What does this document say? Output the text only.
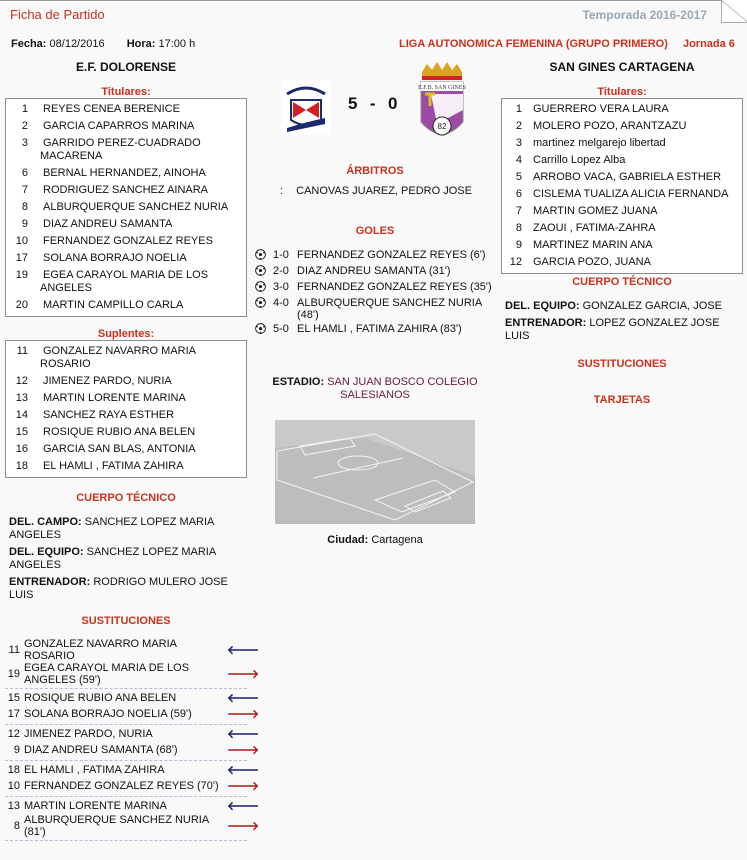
Ficha de Partido	Temporada 2016-2017
Fecha: 08/12/2016 Hora: 17:00 h	LIGA AUTONOMICA FEMENINA (GRUPO PRIMERO) Jornada 6
E.F. DOLORENSE
Titulares:
1	REYES CENEA BERENICE
2	GARCIA CAPARROS MARINA
3	GARRIDO PEREZ-CUADRADO MACARENA
6	BERNAL HERNANDEZ, AINOHA
7	RODRIGUEZ SANCHEZ AINARA
8	ALBURQUERQUE SANCHEZ NURIA
9	DIAZ ANDREU SAMANTA
10	FERNANDEZ GONZALEZ REYES
17	SOLANA BORRAJO NOELIA
19	EGEA CARAYOL MARIA DE LOS ANGELES
20	MARTIN CAMPILLO CARLA
Suplentes:
11	GONZALEZ NAVARRO MARIA ROSARIO
12	JIMENEZ PARDO, NURIA
13	MARTIN LORENTE MARINA
14	SANCHEZ RAYA ESTHER
15	ROSIQUE RUBIO ANA BELEN
16	GARCIA SAN BLAS, ANTONIA
18	EL HAMLI , FATIMA ZAHIRA
CUERPO TÉCNICO
DEL. CAMPO: SANCHEZ LOPEZ MARIA ANGELES
DEL. EQUIPO: SANCHEZ LOPEZ MARIA ANGELES
ENTRENADOR: RODRIGO MULERO JOSE LUIS
SUSTITUCIONES
11 GONZALEZ NAVARRO MARIA ROSARIO	🡐
19 EGEA CARAYOL MARIA DE LOS ANGELES (59')	🡒
15 ROSIQUE RUBIO ANA BELEN	🡐
17 SOLANA BORRAJO NOELIA (59')	🡒
12 JIMENEZ PARDO, NURIA	🡐
9 DIAZ ANDREU SAMANTA (68')	🡒
18 EL HAMLI , FATIMA ZAHIRA	🡐
10 FERNANDEZ GONZALEZ REYES (70') 🡒
13 MARTIN LORENTE MARINA	🡐
8 ALBURQUERQUE SANCHEZ NURIA (81')	🡒
5  -  0
E.F.B. SAN GINES
82
CARTAGENA
ÁRBITROS
: CANOVAS JUAREZ, PEDRO JOSE
GOLES
1-0 FERNANDEZ GONZALEZ REYES (6')
2-0 DIAZ ANDREU SAMANTA (31')
3-0 FERNANDEZ GONZALEZ REYES (35')
4-0 ALBURQUERQUE SANCHEZ NURIA (48')
5-0 EL HAMLI , FATIMA ZAHIRA (83')
ESTADIO: SAN JUAN BOSCO COLEGIO SALESIANOS
Ciudad: Cartagena
SAN GINES CARTAGENA
Titulares:
1	GUERRERO VERA LAURA
2	MOLERO POZO, ARANTZAZU
3	martinez melgarejo libertad
4	Carrillo Lopez Alba
5	ARROBO VACA, GABRIELA ESTHER
6	CISLEMA TUALIZA ALICIA FERNANDA
7	MARTIN GOMEZ JUANA
8	ZAOUI , FATIMA-ZAHRA
9	MARTINEZ MARIN ANA
12	GARCIA POZO, JUANA
CUERPO TÉCNICO
DEL. EQUIPO: GONZALEZ GARCIA, JOSE
ENTRENADOR: LOPEZ GONZALEZ JOSE LUIS
SUSTITUCIONES
TARJETAS
